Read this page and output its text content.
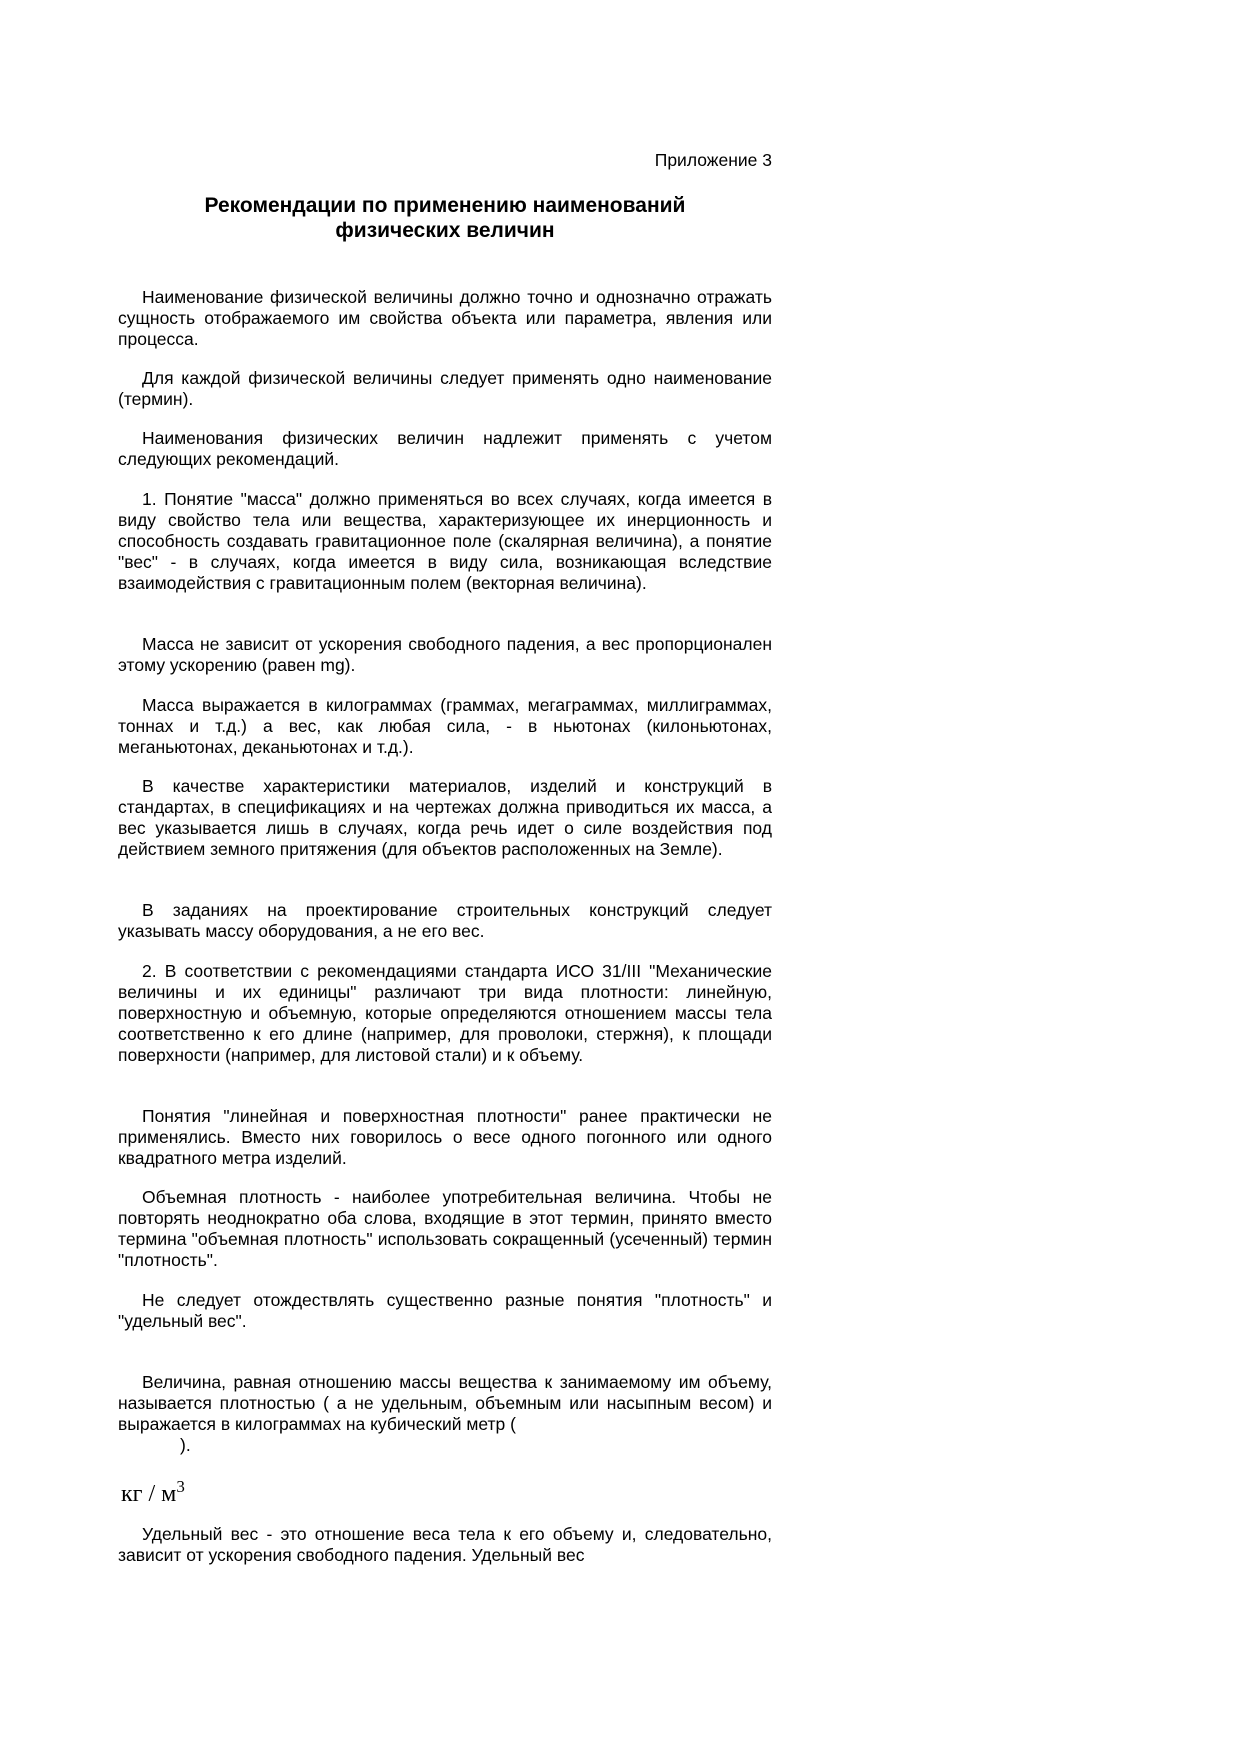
Приложение 3
Рекомендации по применению наименований
физических величин

Наименование физической величины должно точно и однозначно отражать сущность отображаемого им свойства объекта или параметра, явления или процесса.

Для каждой физической величины следует применять одно наименование (термин).

Наименования физических величин надлежит применять с учетом следующих рекомендаций.

1. Понятие "масса" должно применяться во всех случаях, когда имеется в виду свойство тела или вещества, характеризующее их инерционность и способность создавать гравитационное поле (скалярная величина), а понятие "вес" - в случаях, когда имеется в виду сила, возникающая вследствие взаимодействия с гравитационным полем (векторная величина).

Масса не зависит от ускорения свободного падения, а вес пропорционален этому ускорению (равен mg).

Масса выражается в килограммах (граммах, мегаграммах, миллиграммах, тоннах и т.д.) а вес, как любая сила, - в ньютонах (килоньютонах, меганьютонах, деканьютонах и т.д.).

В качестве характеристики материалов, изделий и конструкций в стандартах, в спецификациях и на чертежах должна приводиться их масса, а вес указывается лишь в случаях, когда речь идет о силе воздействия под действием земного притяжения (для объектов расположенных на Земле).

В заданиях на проектирование строительных конструкций следует указывать массу оборудования, а не его вес.

2. В соответствии с рекомендациями стандарта ИСО 31/III "Механические величины и их единицы" различают три вида плотности: линейную, поверхностную и объемную, которые определяются отношением массы тела соответственно к его длине (например, для проволоки, стержня), к площади поверхности (например, для листовой стали) и к объему.

Понятия "линейная и поверхностная плотности" ранее практически не применялись. Вместо них говорилось о весе одного погонного или одного квадратного метра изделий.

Объемная плотность - наиболее употребительная величина. Чтобы не повторять неоднократно оба слова, входящие в этот термин, принято вместо термина "объемная плотность" использовать сокращенный (усеченный) термин "плотность".

Не следует отождествлять существенно разные понятия "плотность" и "удельный вес".

Величина, равная отношению массы вещества к занимаемому им объему, называется плотностью ( а не удельным, объемным или насыпным весом) и выражается в килограммах на кубический метр (
).
кг / $м^3$

Удельный вес - это отношение веса тела к его объему и, следовательно, зависит от ускорения свободного падения. Удельный вес
